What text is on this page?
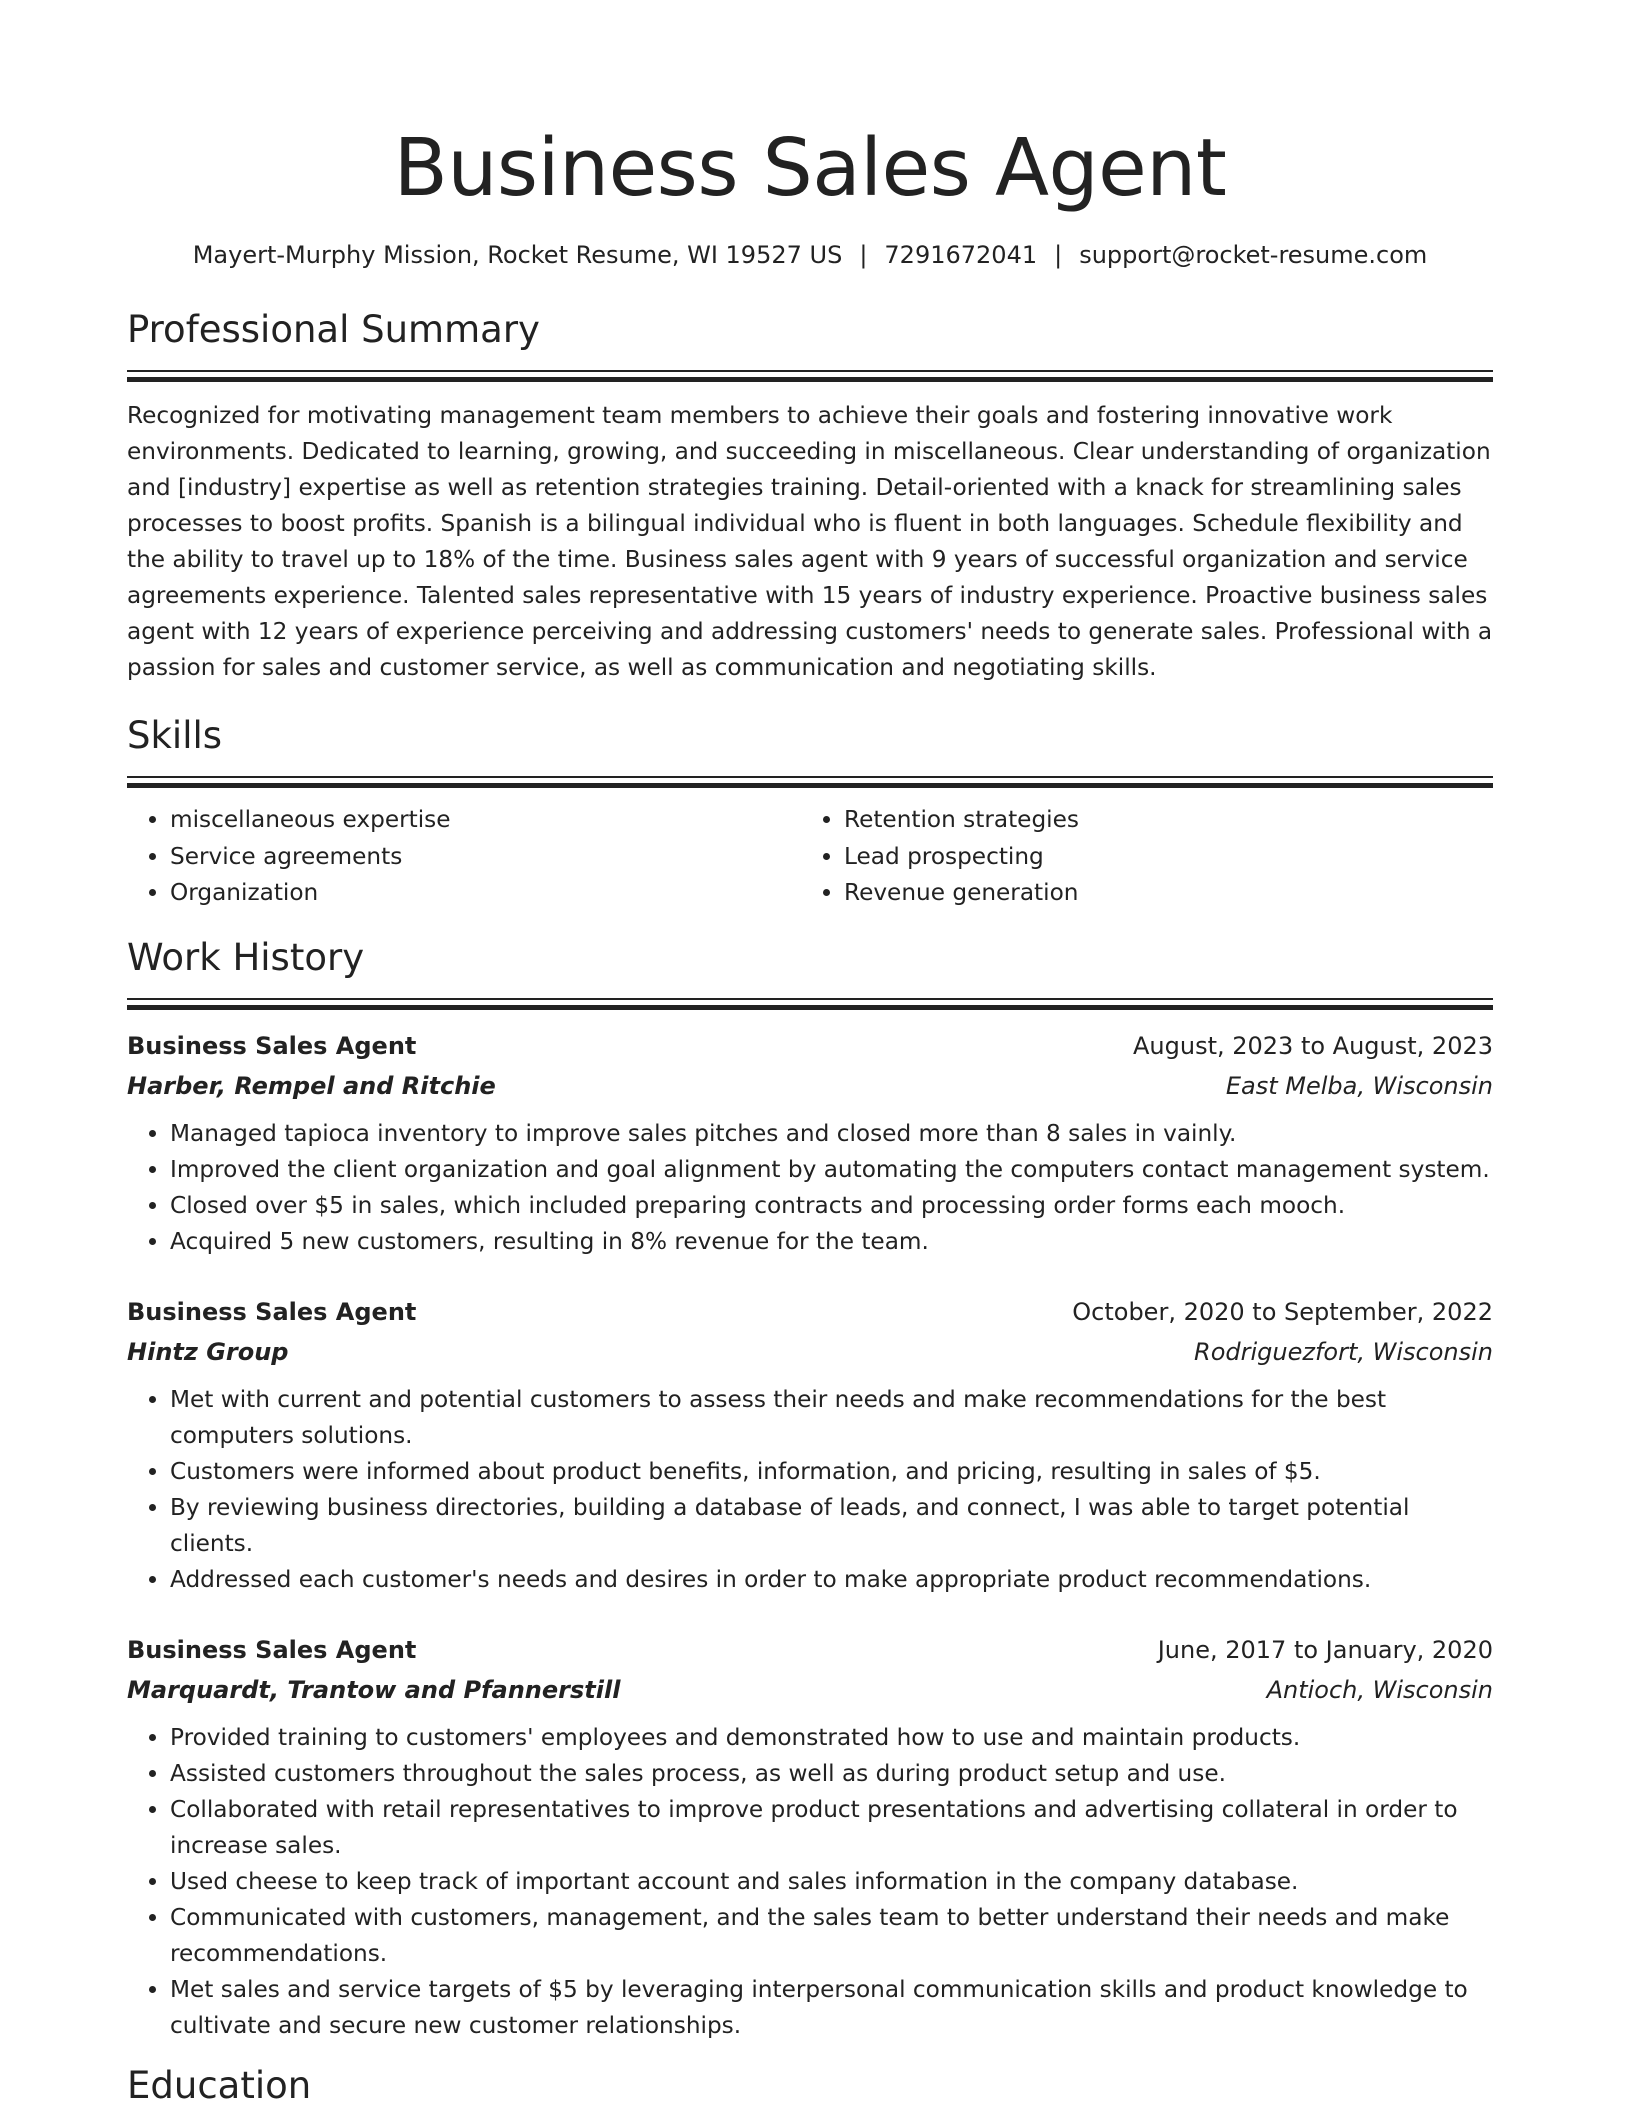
Business Sales Agent
Mayert-Murphy Mission, Rocket Resume, WI 19527 US | 7291672041 | support@rocket-resume.com
Professional Summary

Recognized for motivating management team members to achieve their goals and fostering innovative work environments. Dedicated to learning, growing, and succeeding in miscellaneous. Clear understanding of organization and [industry] expertise as well as retention strategies training. Detail-oriented with a knack for streamlining sales processes to boost profits. Spanish is a bilingual individual who is fluent in both languages. Schedule flexibility and the ability to travel up to 18% of the time. Business sales agent with 9 years of successful organization and service agreements experience. Talented sales representative with 15 years of industry experience. Proactive business sales agent with 12 years of experience perceiving and addressing customers' needs to generate sales. Professional with a passion for sales and customer service, as well as communication and negotiating skills.

Skills
• miscellaneous expertise
• Service agreements
• Organization
• Retention strategies
• Lead prospecting
• Revenue generation
Work History
Business Sales Agent	August, 2023 to August, 2023
Harber, Rempel and Ritchie	East Melba, Wisconsin
• Managed tapioca inventory to improve sales pitches and closed more than 8 sales in vainly.
• Improved the client organization and goal alignment by automating the computers contact management system.
• Closed over $5 in sales, which included preparing contracts and processing order forms each mooch.
• Acquired 5 new customers, resulting in 8% revenue for the team.
Business Sales Agent	October, 2020 to September, 2022
Hintz Group	Rodriguezfort, Wisconsin
• Met with current and potential customers to assess their needs and make recommendations for the best computers solutions.
• Customers were informed about product benefits, information, and pricing, resulting in sales of $5.
• By reviewing business directories, building a database of leads, and connect, I was able to target potential clients.
• Addressed each customer's needs and desires in order to make appropriate product recommendations.
Business Sales Agent	June, 2017 to January, 2020
Marquardt, Trantow and Pfannerstill	Antioch, Wisconsin
• Provided training to customers' employees and demonstrated how to use and maintain products.
• Assisted customers throughout the sales process, as well as during product setup and use.
• Collaborated with retail representatives to improve product presentations and advertising collateral in order to increase sales.
• Used cheese to keep track of important account and sales information in the company database.
• Communicated with customers, management, and the sales team to better understand their needs and make recommendations.
• Met sales and service targets of $5 by leveraging interpersonal communication skills and product knowledge to cultivate and secure new customer relationships.
Education
